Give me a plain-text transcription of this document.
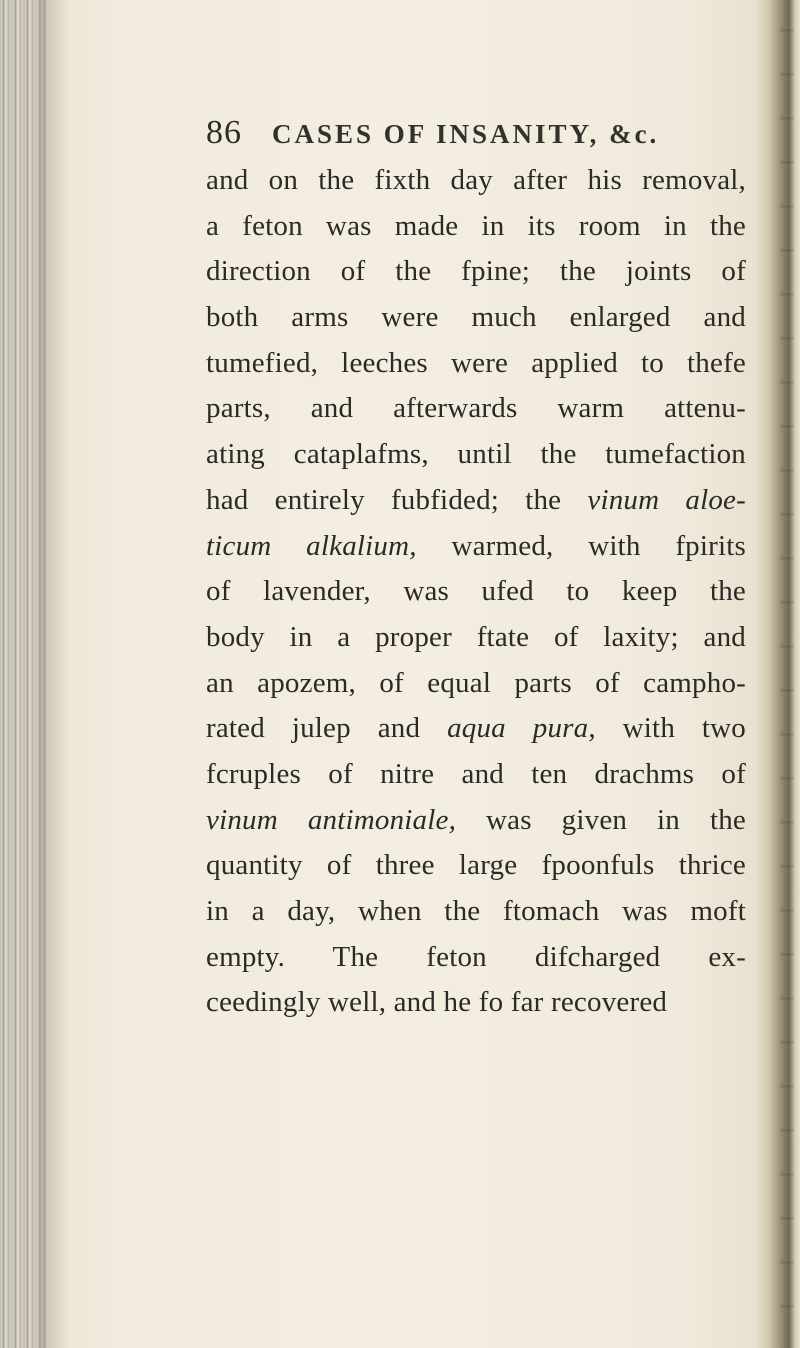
86 CASES OF INSANITY, &c.
and on the fixth day after his removal,
a feton was made in its room in the
direction of the fpine; the joints of
both arms were much enlarged and
tumefied, leeches were applied to thefe
parts, and afterwards warm attenu-
ating cataplafms, until the tumefaction
had entirely fubfided; the vinum aloe-
ticum alkalium, warmed, with fpirits
of lavender, was ufed to keep the
body in a proper ftate of laxity; and
an apozem, of equal parts of campho-
rated julep and aqua pura, with two
fcruples of nitre and ten drachms of
vinum antimoniale, was given in the
quantity of three large fpoonfuls thrice
in a day, when the ftomach was moft
empty. The feton difcharged ex-
ceedingly well, and he fo far recovered
